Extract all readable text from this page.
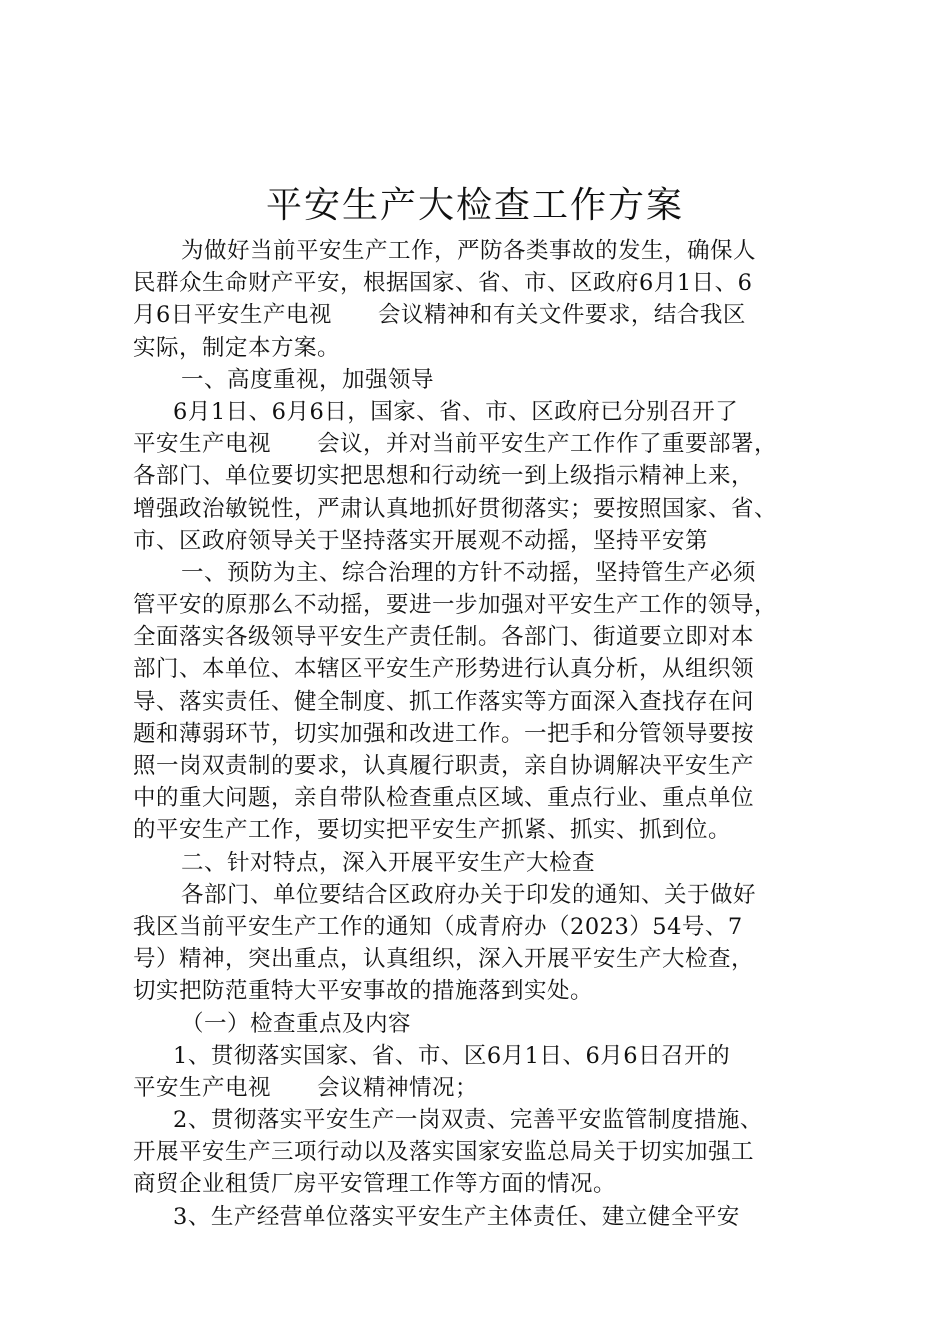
平安生产大检查工作方案
为做好当前平安生产工作，严防各类事故的发生，确保人
民群众生命财产平安，根据国家、省、市、区政府6月1日、6
月6日平安生产电视　　会议精神和有关文件要求，结合我区
实际，制定本方案。
一、高度重视，加强领导
6月1日、6月6日，国家、省、市、区政府已分别召开了
平安生产电视　　会议，并对当前平安生产工作作了重要部署，
各部门、单位要切实把思想和行动统一到上级指示精神上来，
增强政治敏锐性，严肃认真地抓好贯彻落实；要按照国家、省、
市、区政府领导关于坚持落实开展观不动摇，坚持平安第
一、预防为主、综合治理的方针不动摇，坚持管生产必须
管平安的原那么不动摇，要进一步加强对平安生产工作的领导，
全面落实各级领导平安生产责任制。各部门、街道要立即对本
部门、本单位、本辖区平安生产形势进行认真分析，从组织领
导、落实责任、健全制度、抓工作落实等方面深入查找存在问
题和薄弱环节，切实加强和改进工作。一把手和分管领导要按
照一岗双责制的要求，认真履行职责，亲自协调解决平安生产
中的重大问题，亲自带队检查重点区域、重点行业、重点单位
的平安生产工作，要切实把平安生产抓紧、抓实、抓到位。
二、针对特点，深入开展平安生产大检查
各部门、单位要结合区政府办关于印发的通知、关于做好
我区当前平安生产工作的通知（成青府办（2023）54号、7
号）精神，突出重点，认真组织，深入开展平安生产大检查，
切实把防范重特大平安事故的措施落到实处。
（一）检查重点及内容
1、贯彻落实国家、省、市、区6月1日、6月6日召开的
平安生产电视　　会议精神情况；
2、贯彻落实平安生产一岗双责、完善平安监管制度措施、
开展平安生产三项行动以及落实国家安监总局关于切实加强工
商贸企业租赁厂房平安管理工作等方面的情况。
3、生产经营单位落实平安生产主体责任、建立健全平安
